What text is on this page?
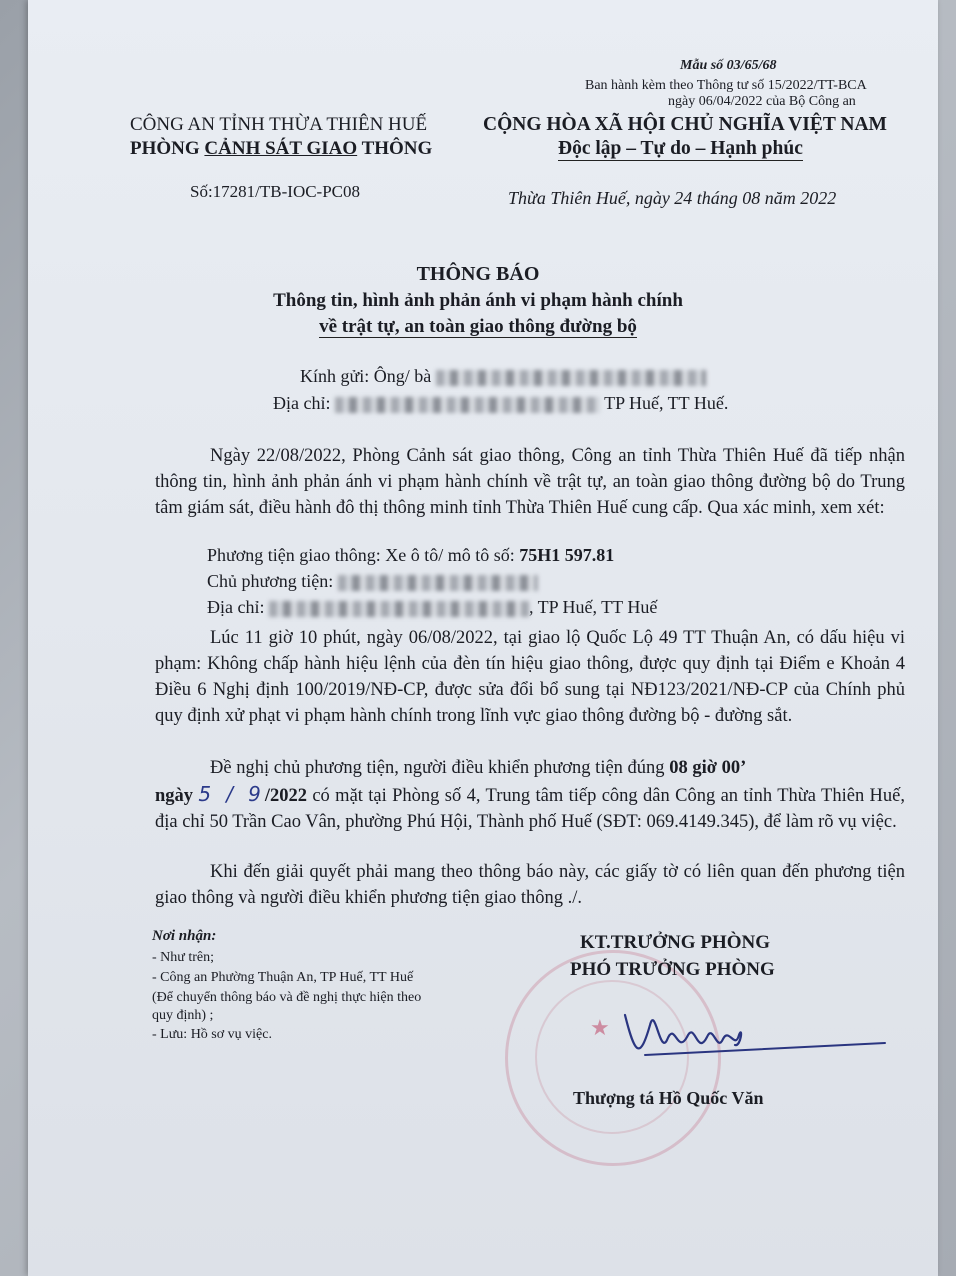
Mẫu số 03/65/68
Ban hành kèm theo Thông tư số 15/2022/TT-BCA
ngày 06/04/2022 của Bộ Công an
CÔNG AN TỈNH THỪA THIÊN HUẾ
PHÒNG CẢNH SÁT GIAO THÔNG
CỘNG HÒA XÃ HỘI CHỦ NGHĨA VIỆT NAM
Độc lập – Tự do – Hạnh phúc
Số:17281/TB-IOC-PC08	Thừa Thiên Huế, ngày 24 tháng 08 năm 2022
THÔNG BÁO
Thông tin, hình ảnh phản ánh vi phạm hành chính
về trật tự, an toàn giao thông đường bộ
Kính gửi: Ông/ bà
Địa chỉ:	TP Huế, TT Huế.
Ngày 22/08/2022, Phòng Cảnh sát giao thông, Công an tỉnh Thừa Thiên Huế đã tiếp nhận thông tin, hình ảnh phản ánh vi phạm hành chính về trật tự, an toàn giao thông đường bộ do Trung tâm giám sát, điều hành đô thị thông minh tỉnh Thừa Thiên Huế cung cấp. Qua xác minh, xem xét:
Phương tiện giao thông: Xe ô tô/ mô tô số: 75H1 597.81
Chủ phương tiện:
Địa chỉ:	, TP Huế, TT Huế
Lúc 11 giờ 10 phút, ngày 06/08/2022, tại giao lộ Quốc Lộ 49 TT Thuận An, có dấu hiệu vi phạm: Không chấp hành hiệu lệnh của đèn tín hiệu giao thông, được quy định tại Điểm e Khoản 4 Điều 6 Nghị định 100/2019/NĐ-CP, được sửa đổi bổ sung tại NĐ123/2021/NĐ-CP của Chính phủ quy định xử phạt vi phạm hành chính trong lĩnh vực giao thông đường bộ - đường sắt.
Đề nghị chủ phương tiện, người điều khiển phương tiện đúng 08 giờ 00’
ngày 5 / 9/2022 có mặt tại Phòng số 4, Trung tâm tiếp công dân Công an tỉnh Thừa Thiên Huế, địa chỉ 50 Trần Cao Vân, phường Phú Hội, Thành phố Huế (SĐT: 069.4149.345), để làm rõ vụ việc.
Khi đến giải quyết phải mang theo thông báo này, các giấy tờ có liên quan đến phương tiện giao thông và người điều khiển phương tiện giao thông ./.
Nơi nhận:
- Như trên;
- Công an Phường Thuận An, TP Huế, TT Huế
(Để chuyển thông báo và đề nghị thực hiện theo
quy định) ;
- Lưu: Hồ sơ vụ việc.	★
KT.TRƯỞNG PHÒNG
PHÓ TRƯỞNG PHÒNG
Thượng tá Hồ Quốc Văn
